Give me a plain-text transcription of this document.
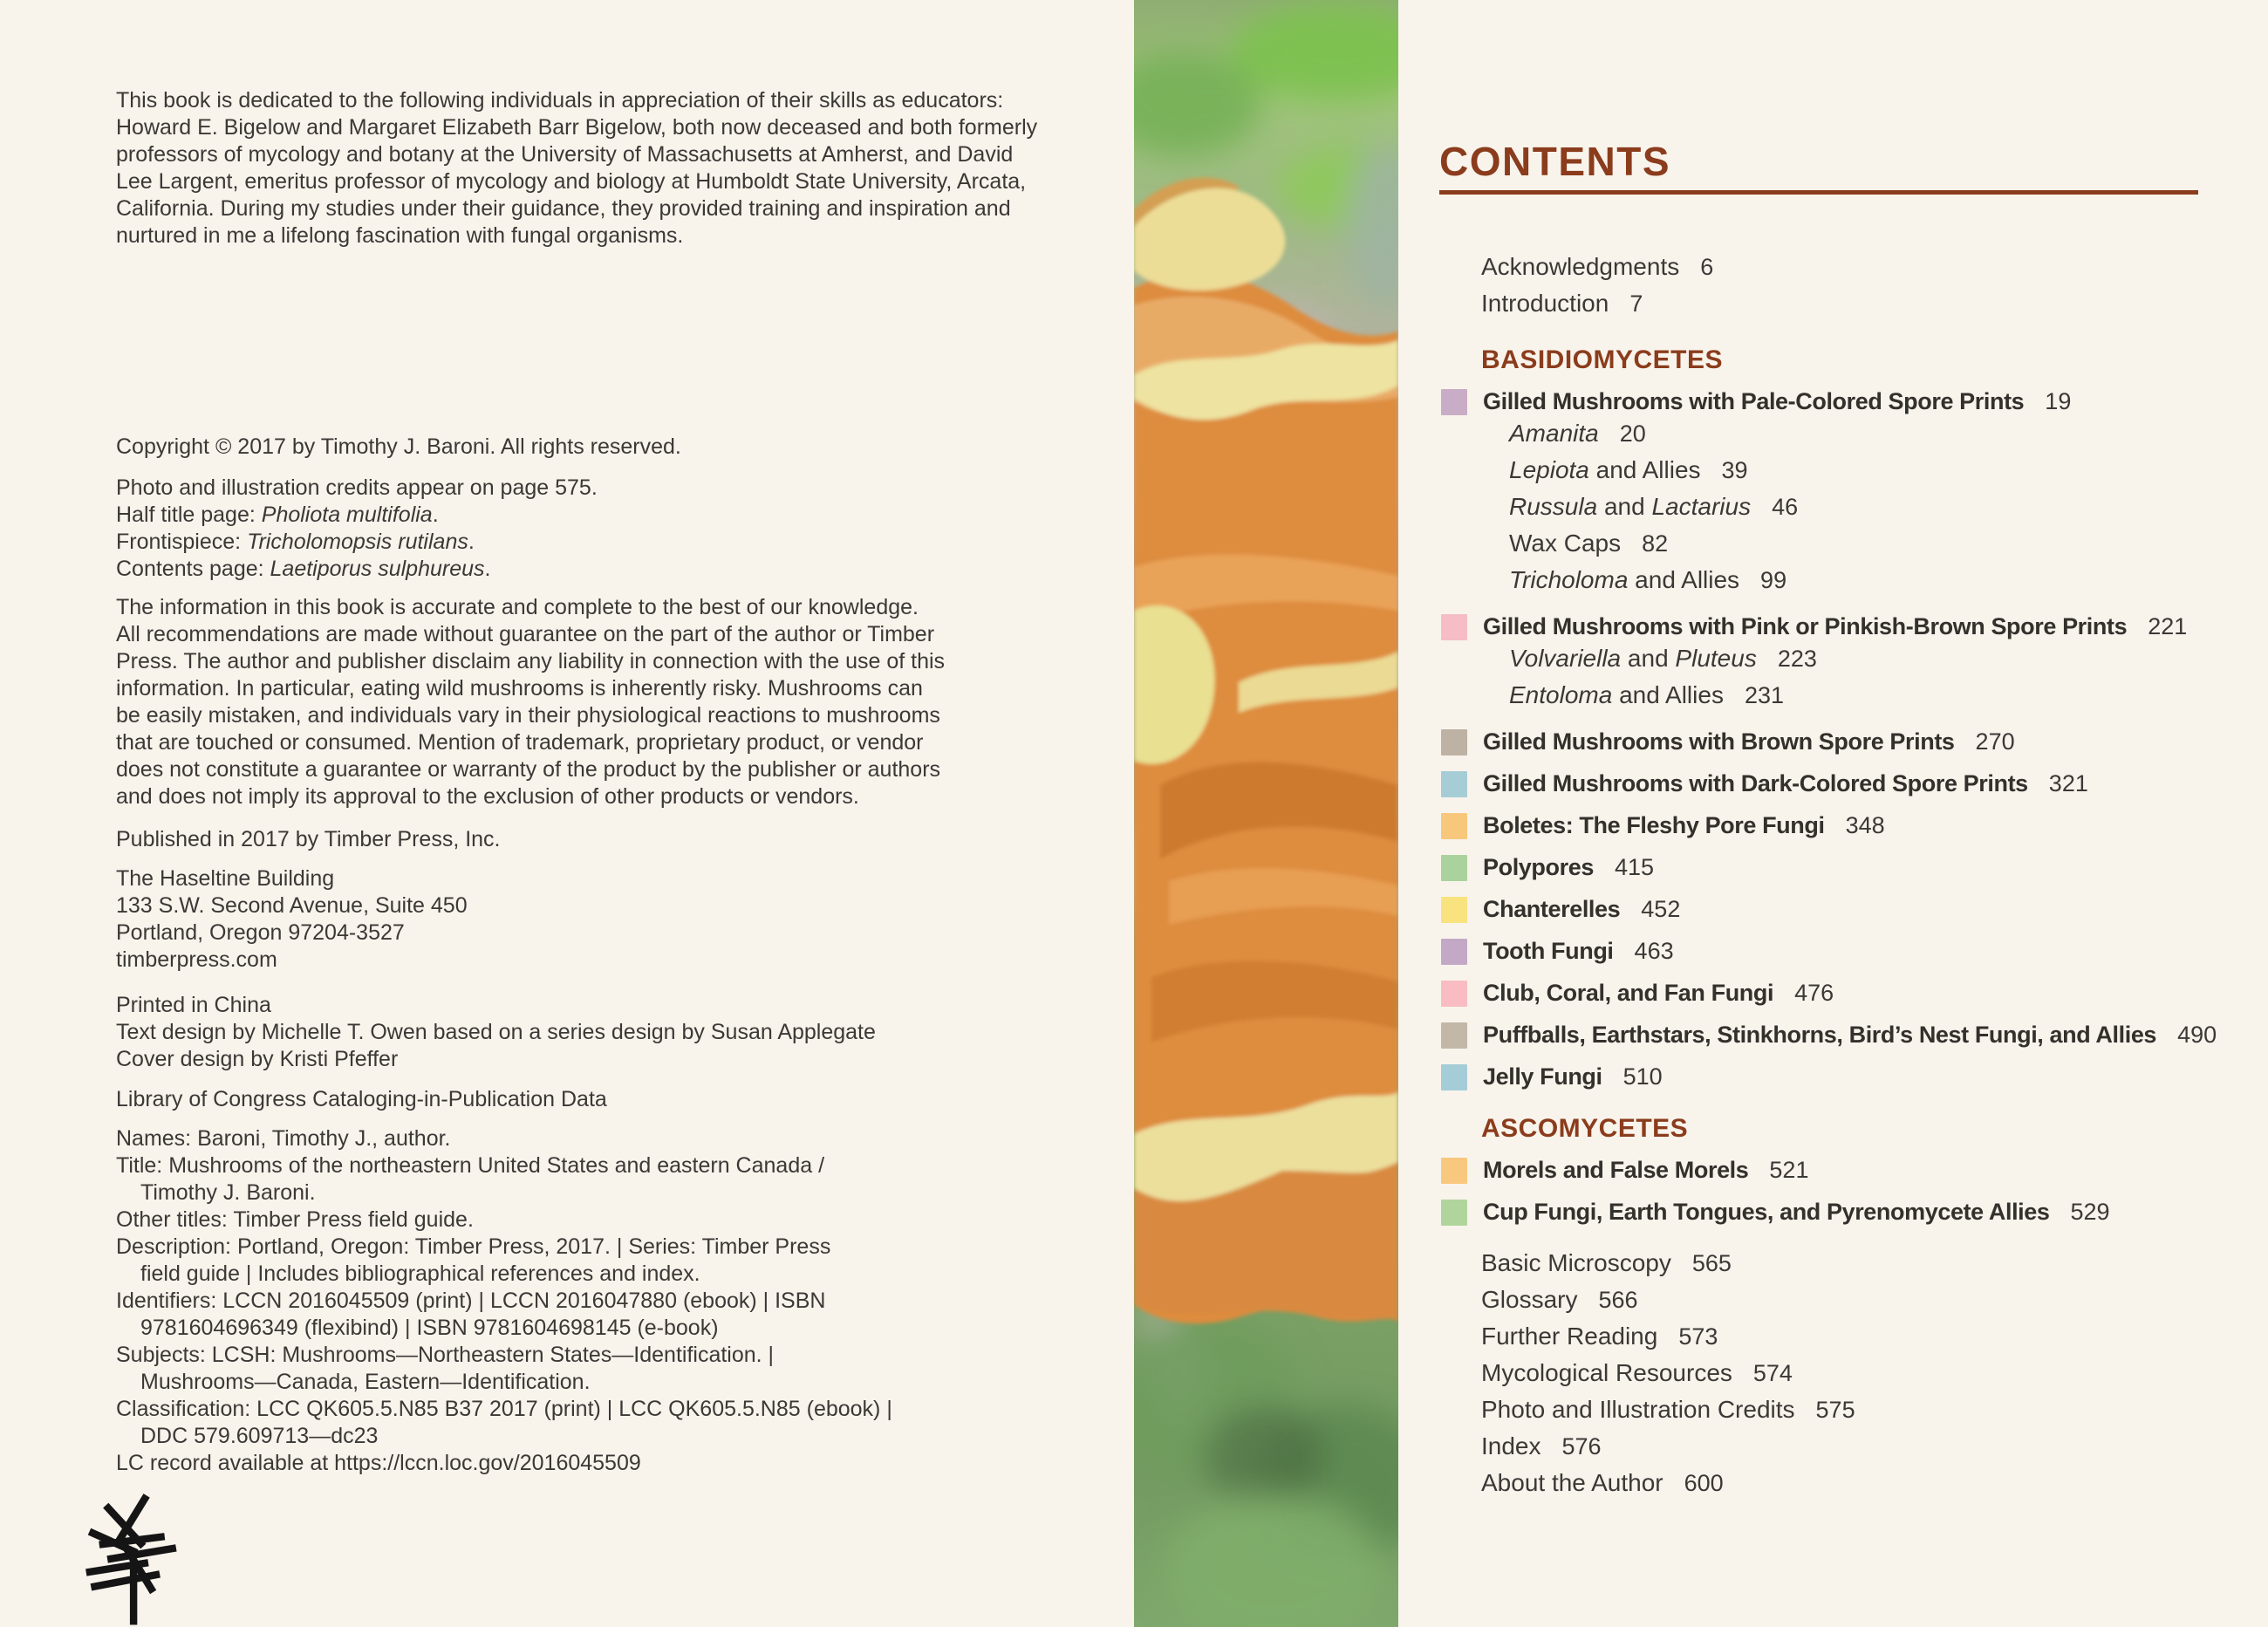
This book is dedicated to the following individuals in appreciation of their skills as educators:
Howard E. Bigelow and Margaret Elizabeth Barr Bigelow, both now deceased and both formerly
professors of mycology and botany at the University of Massachusetts at Amherst, and David
Lee Largent, emeritus professor of mycology and biology at Humboldt State University, Arcata,
California. During my studies under their guidance, they provided training and inspiration and
nurtured in me a lifelong fascination with fungal organisms.
Copyright © 2017 by Timothy J. Baroni. All rights reserved.
Photo and illustration credits appear on page 575.
Half title page: Pholiota multifolia.
Frontispiece: Tricholomopsis rutilans.
Contents page: Laetiporus sulphureus.
The information in this book is accurate and complete to the best of our knowledge.
All recommendations are made without guarantee on the part of the author or Timber
Press. The author and publisher disclaim any liability in connection with the use of this
information. In particular, eating wild mushrooms is inherently risky. Mushrooms can
be easily mistaken, and individuals vary in their physiological reactions to mushrooms
that are touched or consumed. Mention of trademark, proprietary product, or vendor
does not constitute a guarantee or warranty of the product by the publisher or authors
and does not imply its approval to the exclusion of other products or vendors.
Published in 2017 by Timber Press, Inc.
The Haseltine Building
133 S.W. Second Avenue, Suite 450
Portland, Oregon 97204-3527
timberpress.com
Printed in China
Text design by Michelle T. Owen based on a series design by Susan Applegate
Cover design by Kristi Pfeffer
Library of Congress Cataloging-in-Publication Data
Names: Baroni, Timothy J., author.
Title: Mushrooms of the northeastern United States and eastern Canada /
Timothy J. Baroni.
Other titles: Timber Press field guide.
Description: Portland, Oregon: Timber Press, 2017. | Series: Timber Press
field guide | Includes bibliographical references and index.
Identifiers: LCCN 2016045509 (print) | LCCN 2016047880 (ebook) | ISBN
9781604696349 (flexibind) | ISBN 9781604698145 (e-book)
Subjects: LCSH: Mushrooms—Northeastern States—Identification. |
Mushrooms—Canada, Eastern—Identification.
Classification: LCC QK605.5.N85 B37 2017 (print) | LCC QK605.5.N85 (ebook) |
DDC 579.609713—dc23
LC record available at https://lccn.loc.gov/2016045509
CONTENTS
Acknowledgments 6
Introduction 7
BASIDIOMYCETES
Gilled Mushrooms with Pale-Colored Spore Prints 19
Amanita 20
Lepiota and Allies 39
Russula and Lactarius 46
Wax Caps 82
Tricholoma and Allies 99
Gilled Mushrooms with Pink or Pinkish-Brown Spore Prints 221
Volvariella and Pluteus 223
Entoloma and Allies 231
Gilled Mushrooms with Brown Spore Prints 270
Gilled Mushrooms with Dark-Colored Spore Prints 321
Boletes: The Fleshy Pore Fungi 348
Polypores 415
Chanterelles 452
Tooth Fungi 463
Club, Coral, and Fan Fungi 476
Puffballs, Earthstars, Stinkhorns, Bird’s Nest Fungi, and Allies 490
Jelly Fungi 510
ASCOMYCETES
Morels and False Morels 521
Cup Fungi, Earth Tongues, and Pyrenomycete Allies 529
Basic Microscopy 565
Glossary 566
Further Reading 573
Mycological Resources 574
Photo and Illustration Credits 575
Index 576
About the Author 600
